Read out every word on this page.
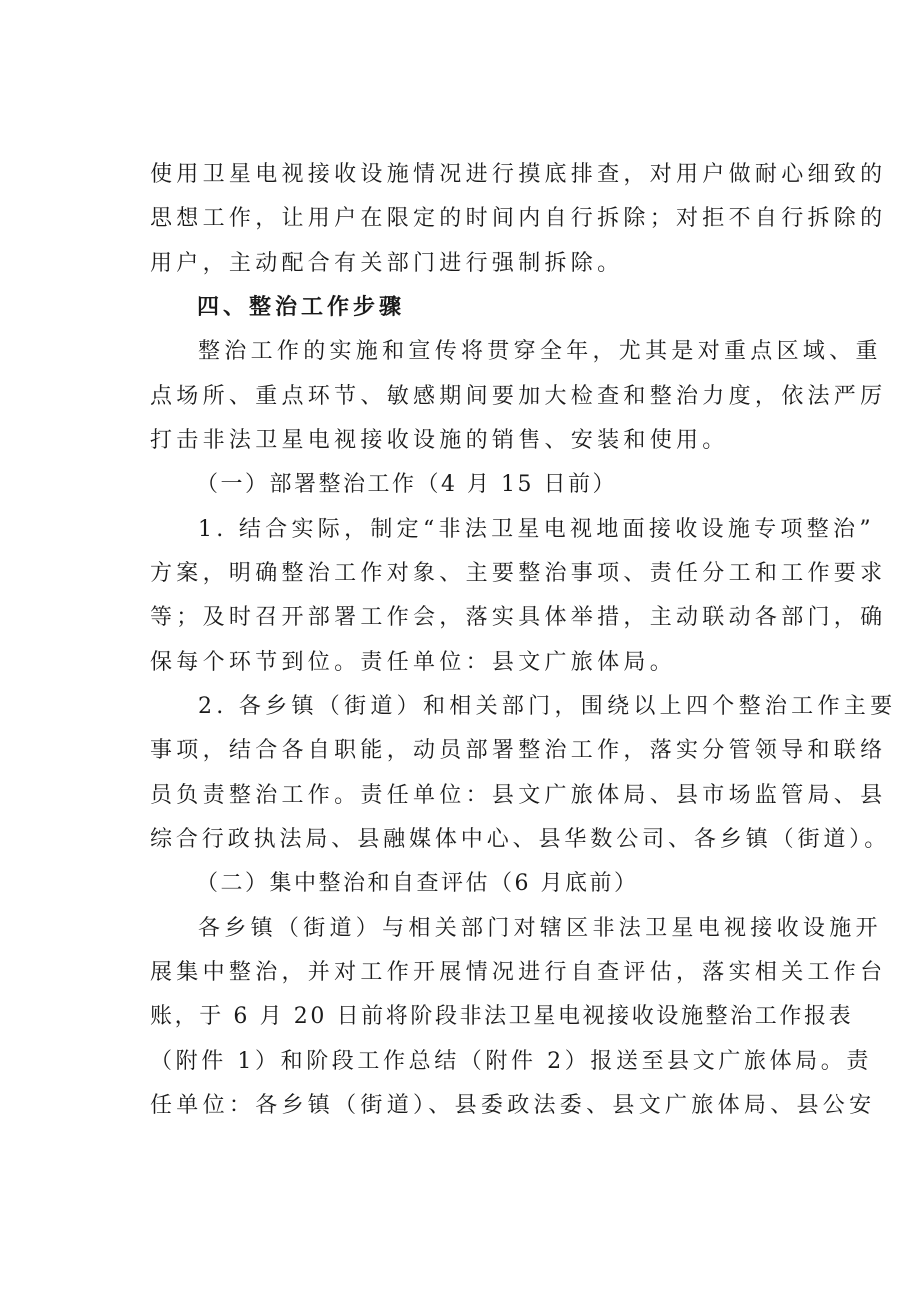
使用卫星电视接收设施情况进行摸底排查，对用户做耐心细致的
思想工作，让用户在限定的时间内自行拆除；对拒不自行拆除的
用户，主动配合有关部门进行强制拆除。
四、整治工作步骤
整治工作的实施和宣传将贯穿全年，尤其是对重点区域、重
点场所、重点环节、敏感期间要加大检查和整治力度，依法严厉
打击非法卫星电视接收设施的销售、安装和使用。
（一）部署整治工作（4 月 15 日前）
1. 结合实际，制定“非法卫星电视地面接收设施专项整治”
方案，明确整治工作对象、主要整治事项、责任分工和工作要求
等；及时召开部署工作会，落实具体举措，主动联动各部门，确
保每个环节到位。责任单位：县文广旅体局。
2. 各乡镇（街道）和相关部门，围绕以上四个整治工作主要
事项，结合各自职能，动员部署整治工作，落实分管领导和联络
员负责整治工作。责任单位：县文广旅体局、县市场监管局、县
综合行政执法局、县融媒体中心、县华数公司、各乡镇（街道）。
（二）集中整治和自查评估（6 月底前）
各乡镇（街道）与相关部门对辖区非法卫星电视接收设施开
展集中整治，并对工作开展情况进行自查评估，落实相关工作台
账，于 6 月 20 日前将阶段非法卫星电视接收设施整治工作报表
（附件 1）和阶段工作总结（附件 2）报送至县文广旅体局。责
任单位：各乡镇（街道）、县委政法委、县文广旅体局、县公安
